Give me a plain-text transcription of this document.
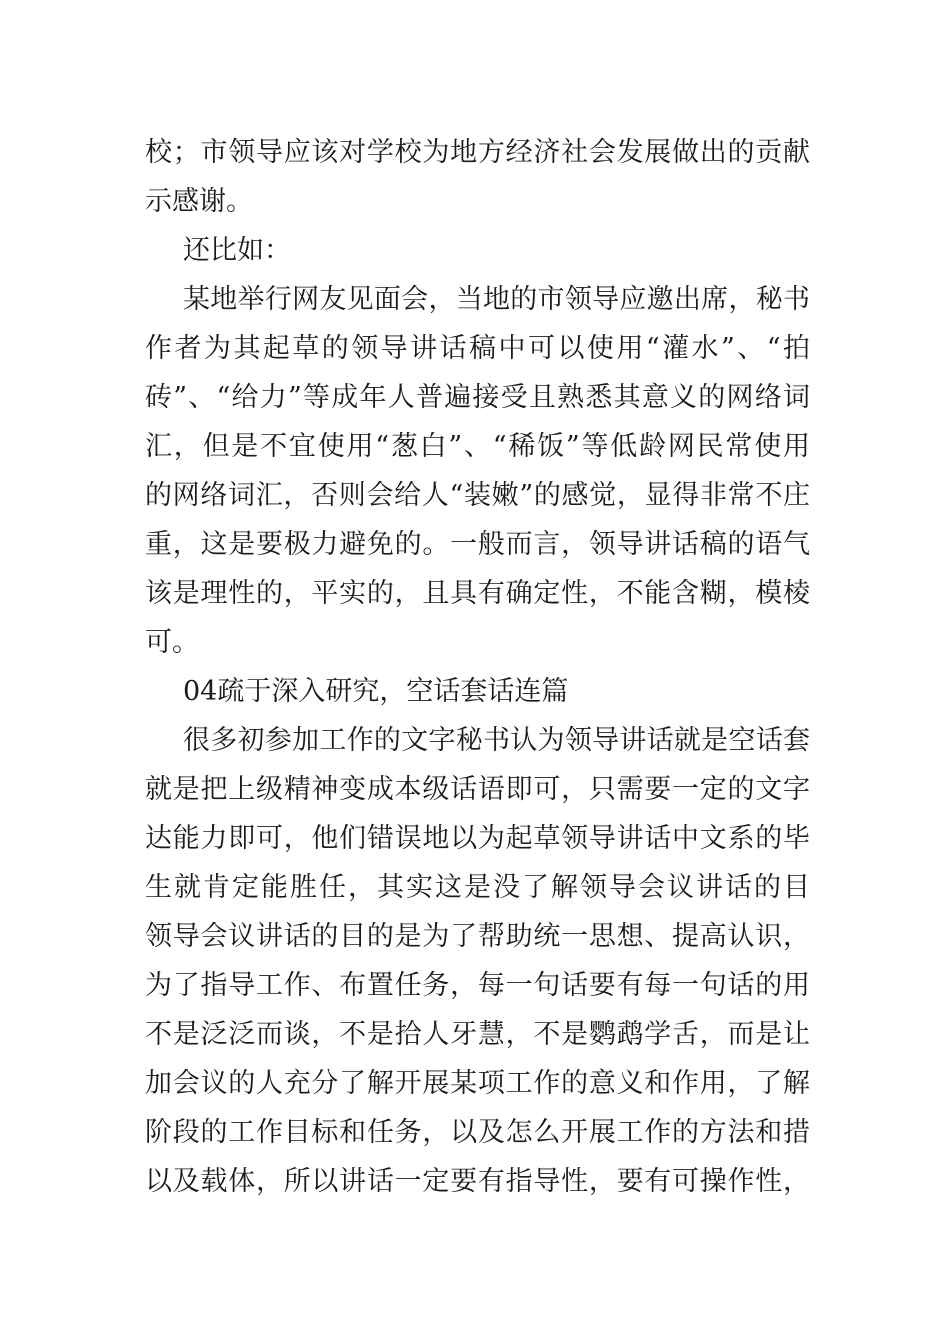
校；市领导应该对学校为地方经济社会发展做出的贡献
示感谢。
还比如：
某地举行网友见面会，当地的市领导应邀出席，秘书
作者为其起草的领导讲话稿中可以使用“灌水”、“拍
砖”、“给力”等成年人普遍接受且熟悉其意义的网络词
汇，但是不宜使用“葱白”、“稀饭”等低龄网民常使用
的网络词汇，否则会给人“装嫩”的感觉，显得非常不庄
重，这是要极力避免的。一般而言，领导讲话稿的语气
该是理性的，平实的，且具有确定性，不能含糊，模棱
可。
04疏于深入研究，空话套话连篇
很多初参加工作的文字秘书认为领导讲话就是空话套
就是把上级精神变成本级话语即可，只需要一定的文字
达能力即可，他们错误地以为起草领导讲话中文系的毕
生就肯定能胜任，其实这是没了解领导会议讲话的目
领导会议讲话的目的是为了帮助统一思想、提高认识，
为了指导工作、布置任务，每一句话要有每一句话的用
不是泛泛而谈，不是拾人牙慧，不是鹦鹉学舌，而是让
加会议的人充分了解开展某项工作的意义和作用，了解
阶段的工作目标和任务，以及怎么开展工作的方法和措
以及载体，所以讲话一定要有指导性，要有可操作性，
